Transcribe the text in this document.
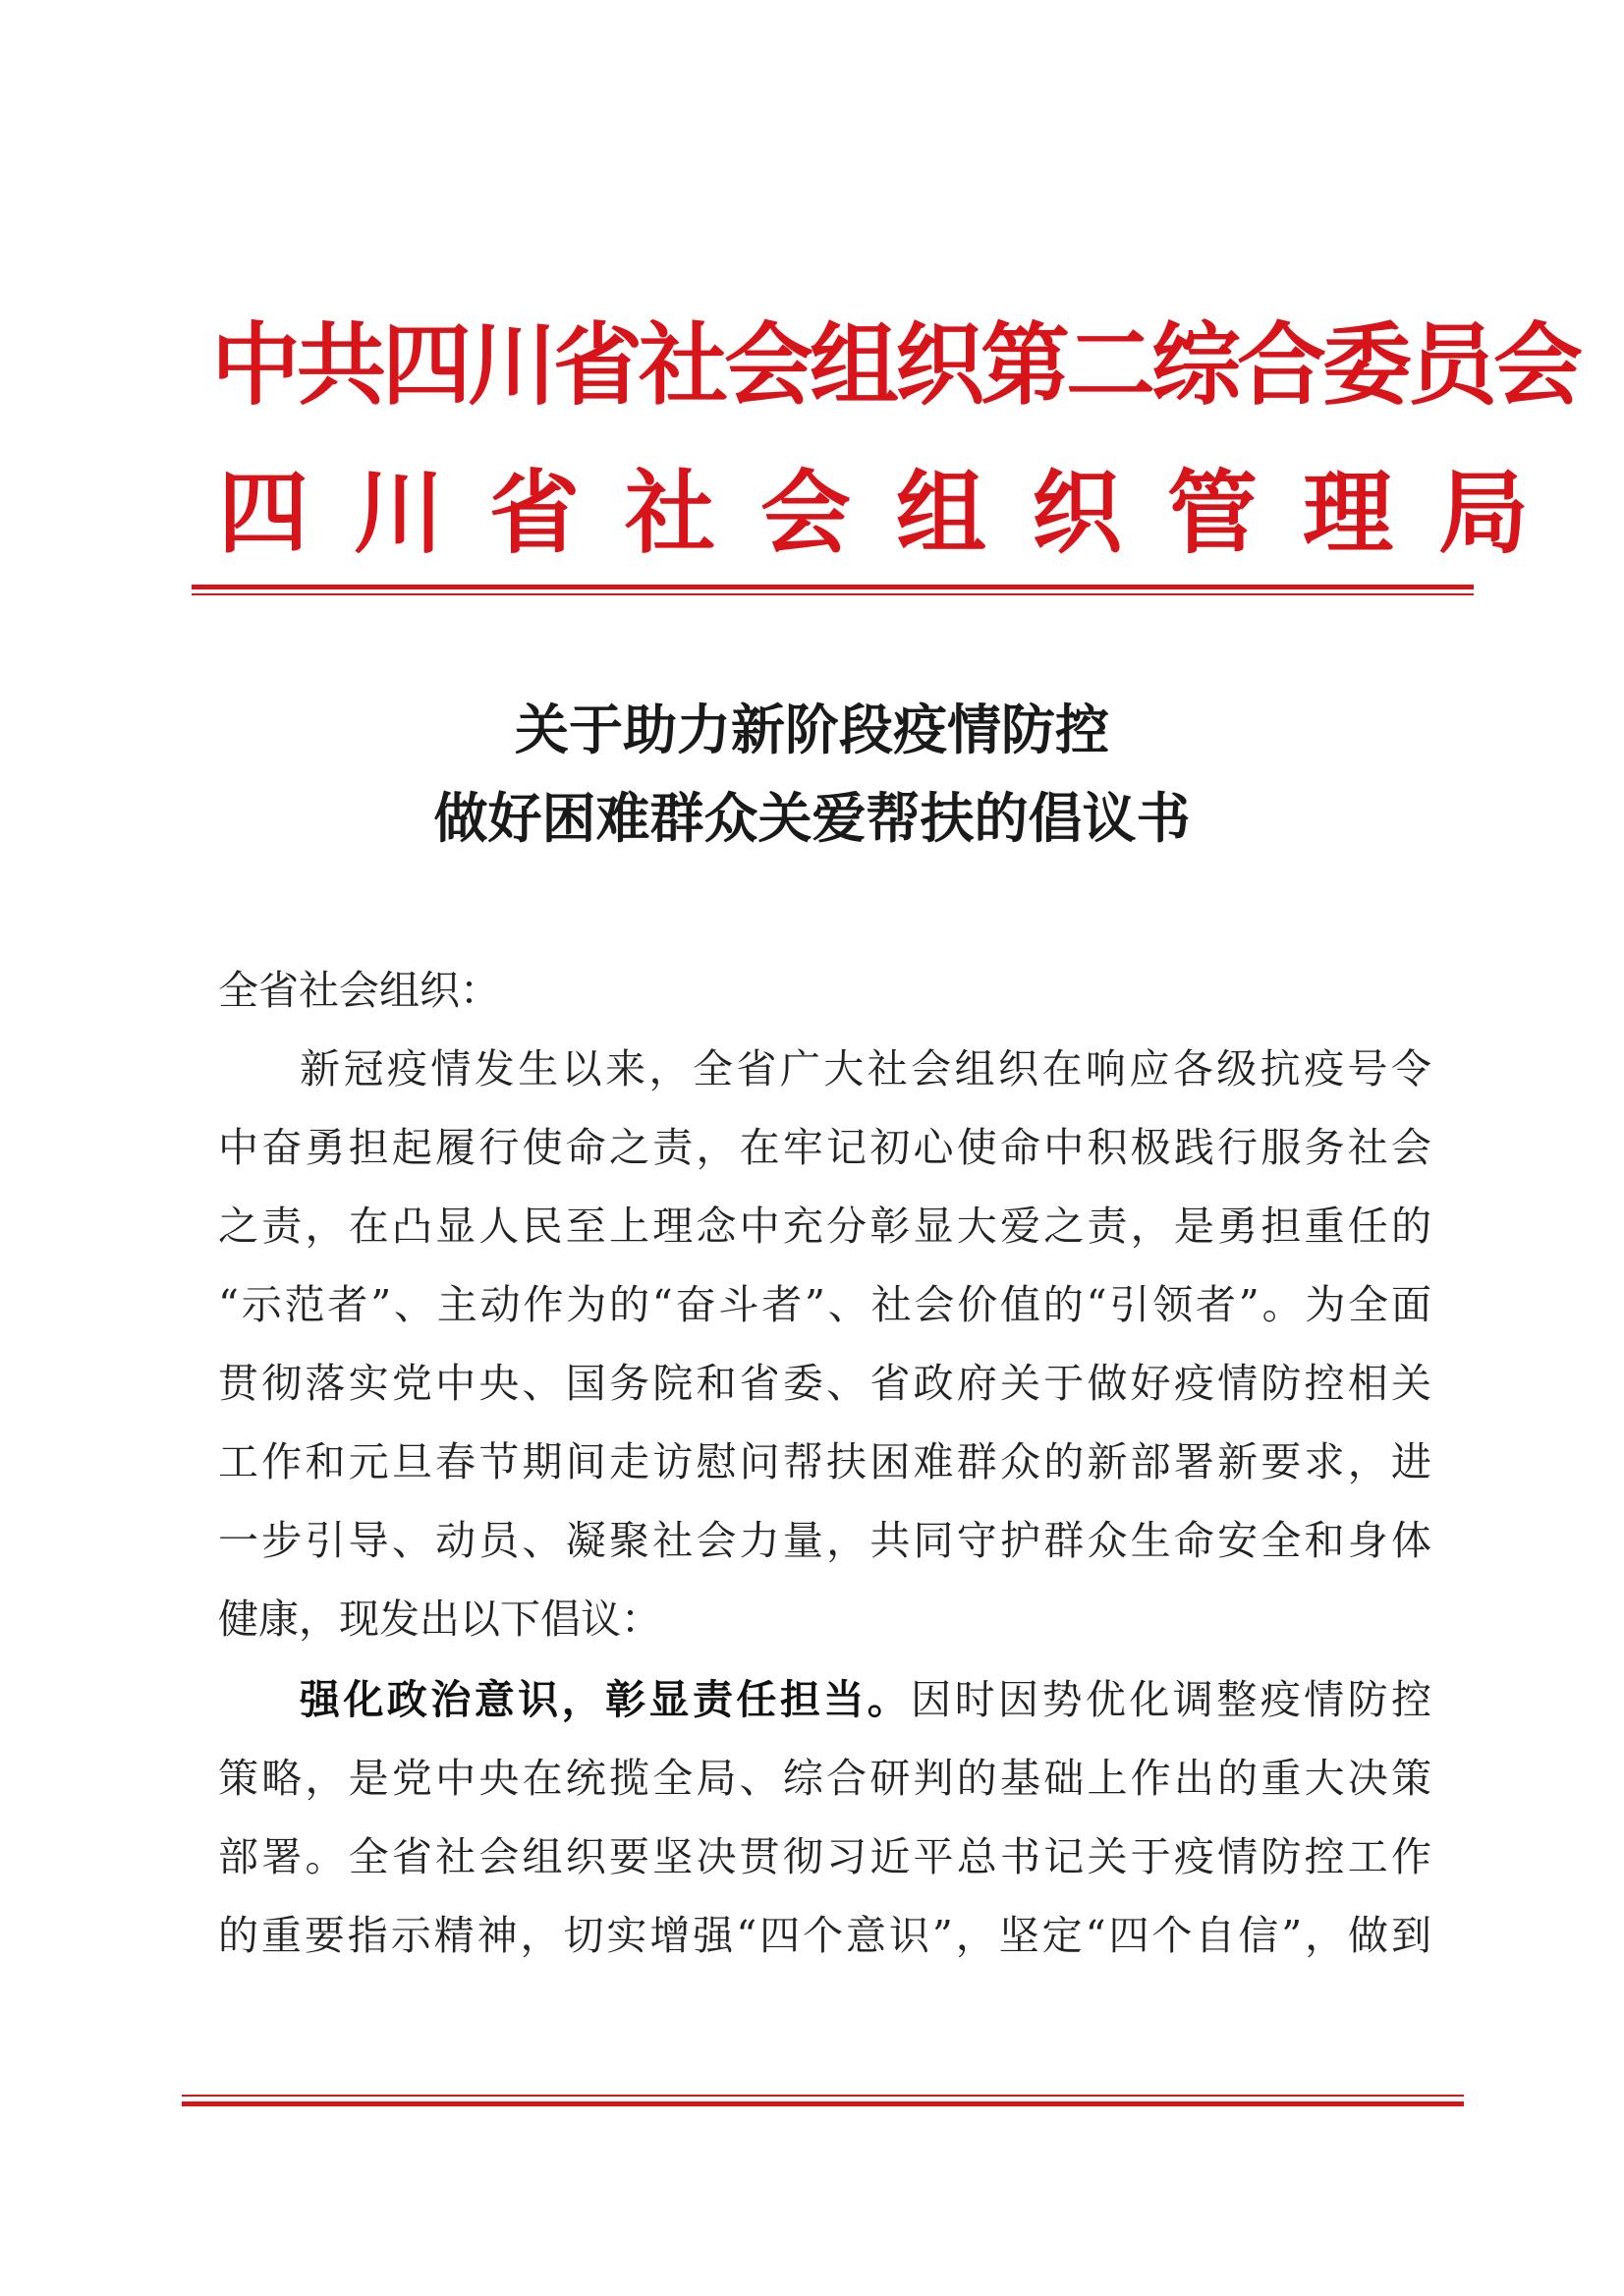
中共四川省社会组织第二综合委员会
四川省社会组织管理局
关于助力新阶段疫情防控
做好困难群众关爱帮扶的倡议书
全省社会组织：
新冠疫情发生以来，全省广大社会组织在响应各级抗疫号令
中奋勇担起履行使命之责，在牢记初心使命中积极践行服务社会
之责，在凸显人民至上理念中充分彰显大爱之责，是勇担重任的
“示范者”、主动作为的“奋斗者”、社会价值的“引领者”。为全面
贯彻落实党中央、国务院和省委、省政府关于做好疫情防控相关
工作和元旦春节期间走访慰问帮扶困难群众的新部署新要求，进
一步引导、动员、凝聚社会力量，共同守护群众生命安全和身体
健康，现发出以下倡议：
强化政治意识，彰显责任担当。因时因势优化调整疫情防控
策略，是党中央在统揽全局、综合研判的基础上作出的重大决策
部署。全省社会组织要坚决贯彻习近平总书记关于疫情防控工作
的重要指示精神，切实增强“四个意识”，坚定“四个自信”，做到
